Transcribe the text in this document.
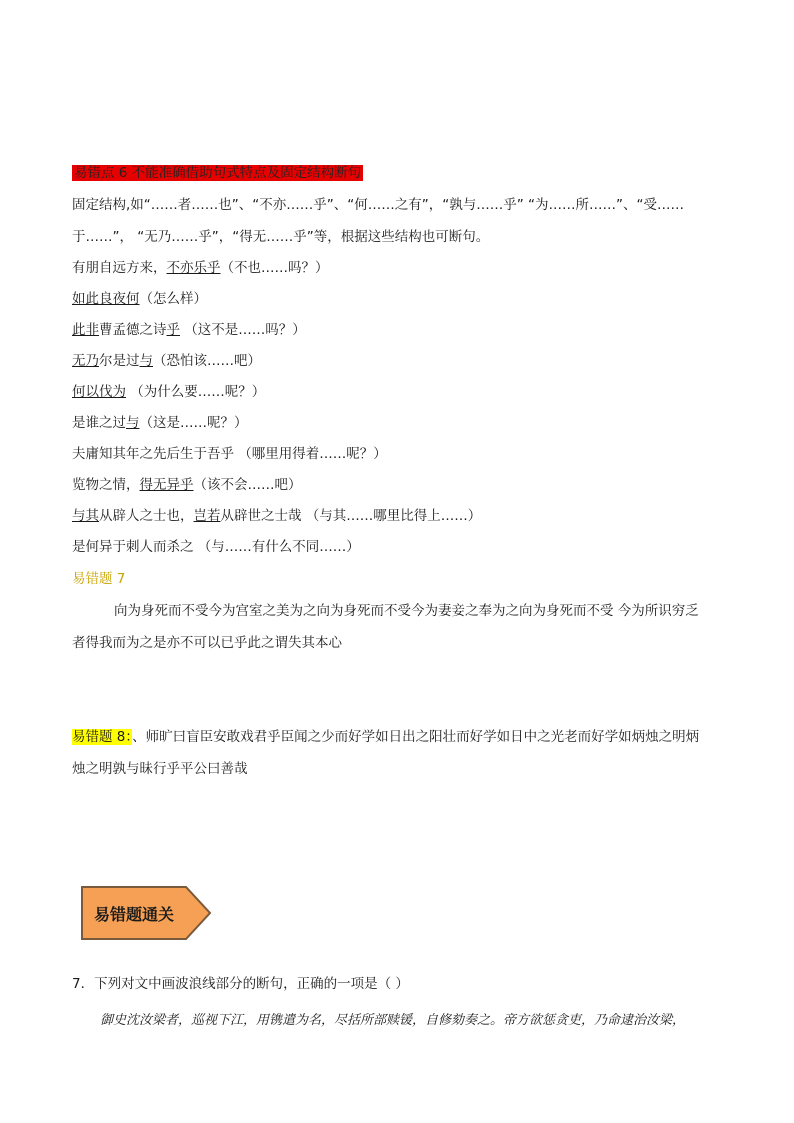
易错点 6 不能准确借助句式特点及固定结构断句
固定结构,如“……者……也”、“不亦……乎”、“何……之有”，“孰与……乎” “为……所……”、“受……
于……”， “无乃……乎”，“得无……乎”等，根据这些结构也可断句。
有朋自远方来，不亦乐乎（不也……吗？）
如此良夜何（怎么样）
此非曹孟德之诗乎 （这不是……吗？）
无乃尔是过与（恐怕该……吧）
何以伐为 （为什么要……呢？）
是谁之过与（这是……呢？）
夫庸知其年之先后生于吾乎 （哪里用得着……呢？）
览物之情，得无异乎（该不会……吧）
与其从辟人之士也，岂若从辟世之士哉 （与其……哪里比得上……）
是何异于刺人而杀之 （与……有什么不同……）
易错题 7
向为身死而不受今为宫室之美为之向为身死而不受今为妻妾之奉为之向为身死而不受 今为所识穷乏
者得我而为之是亦不可以已乎此之谓失其本心
易错题 8：、师旷曰盲臣安敢戏君乎臣闻之少而好学如日出之阳壮而好学如日中之光老而好学如炳烛之明炳
烛之明孰与昧行乎平公曰善哉
易错题通关
7．下列对文中画波浪线部分的断句，正确的一项是（ ）
御史沈汝梁者，巡视下江，用镌遣为名，尽括所部赎锾，自修劾奏之。帝方欲惩贪吏，乃命逮治汝梁，
